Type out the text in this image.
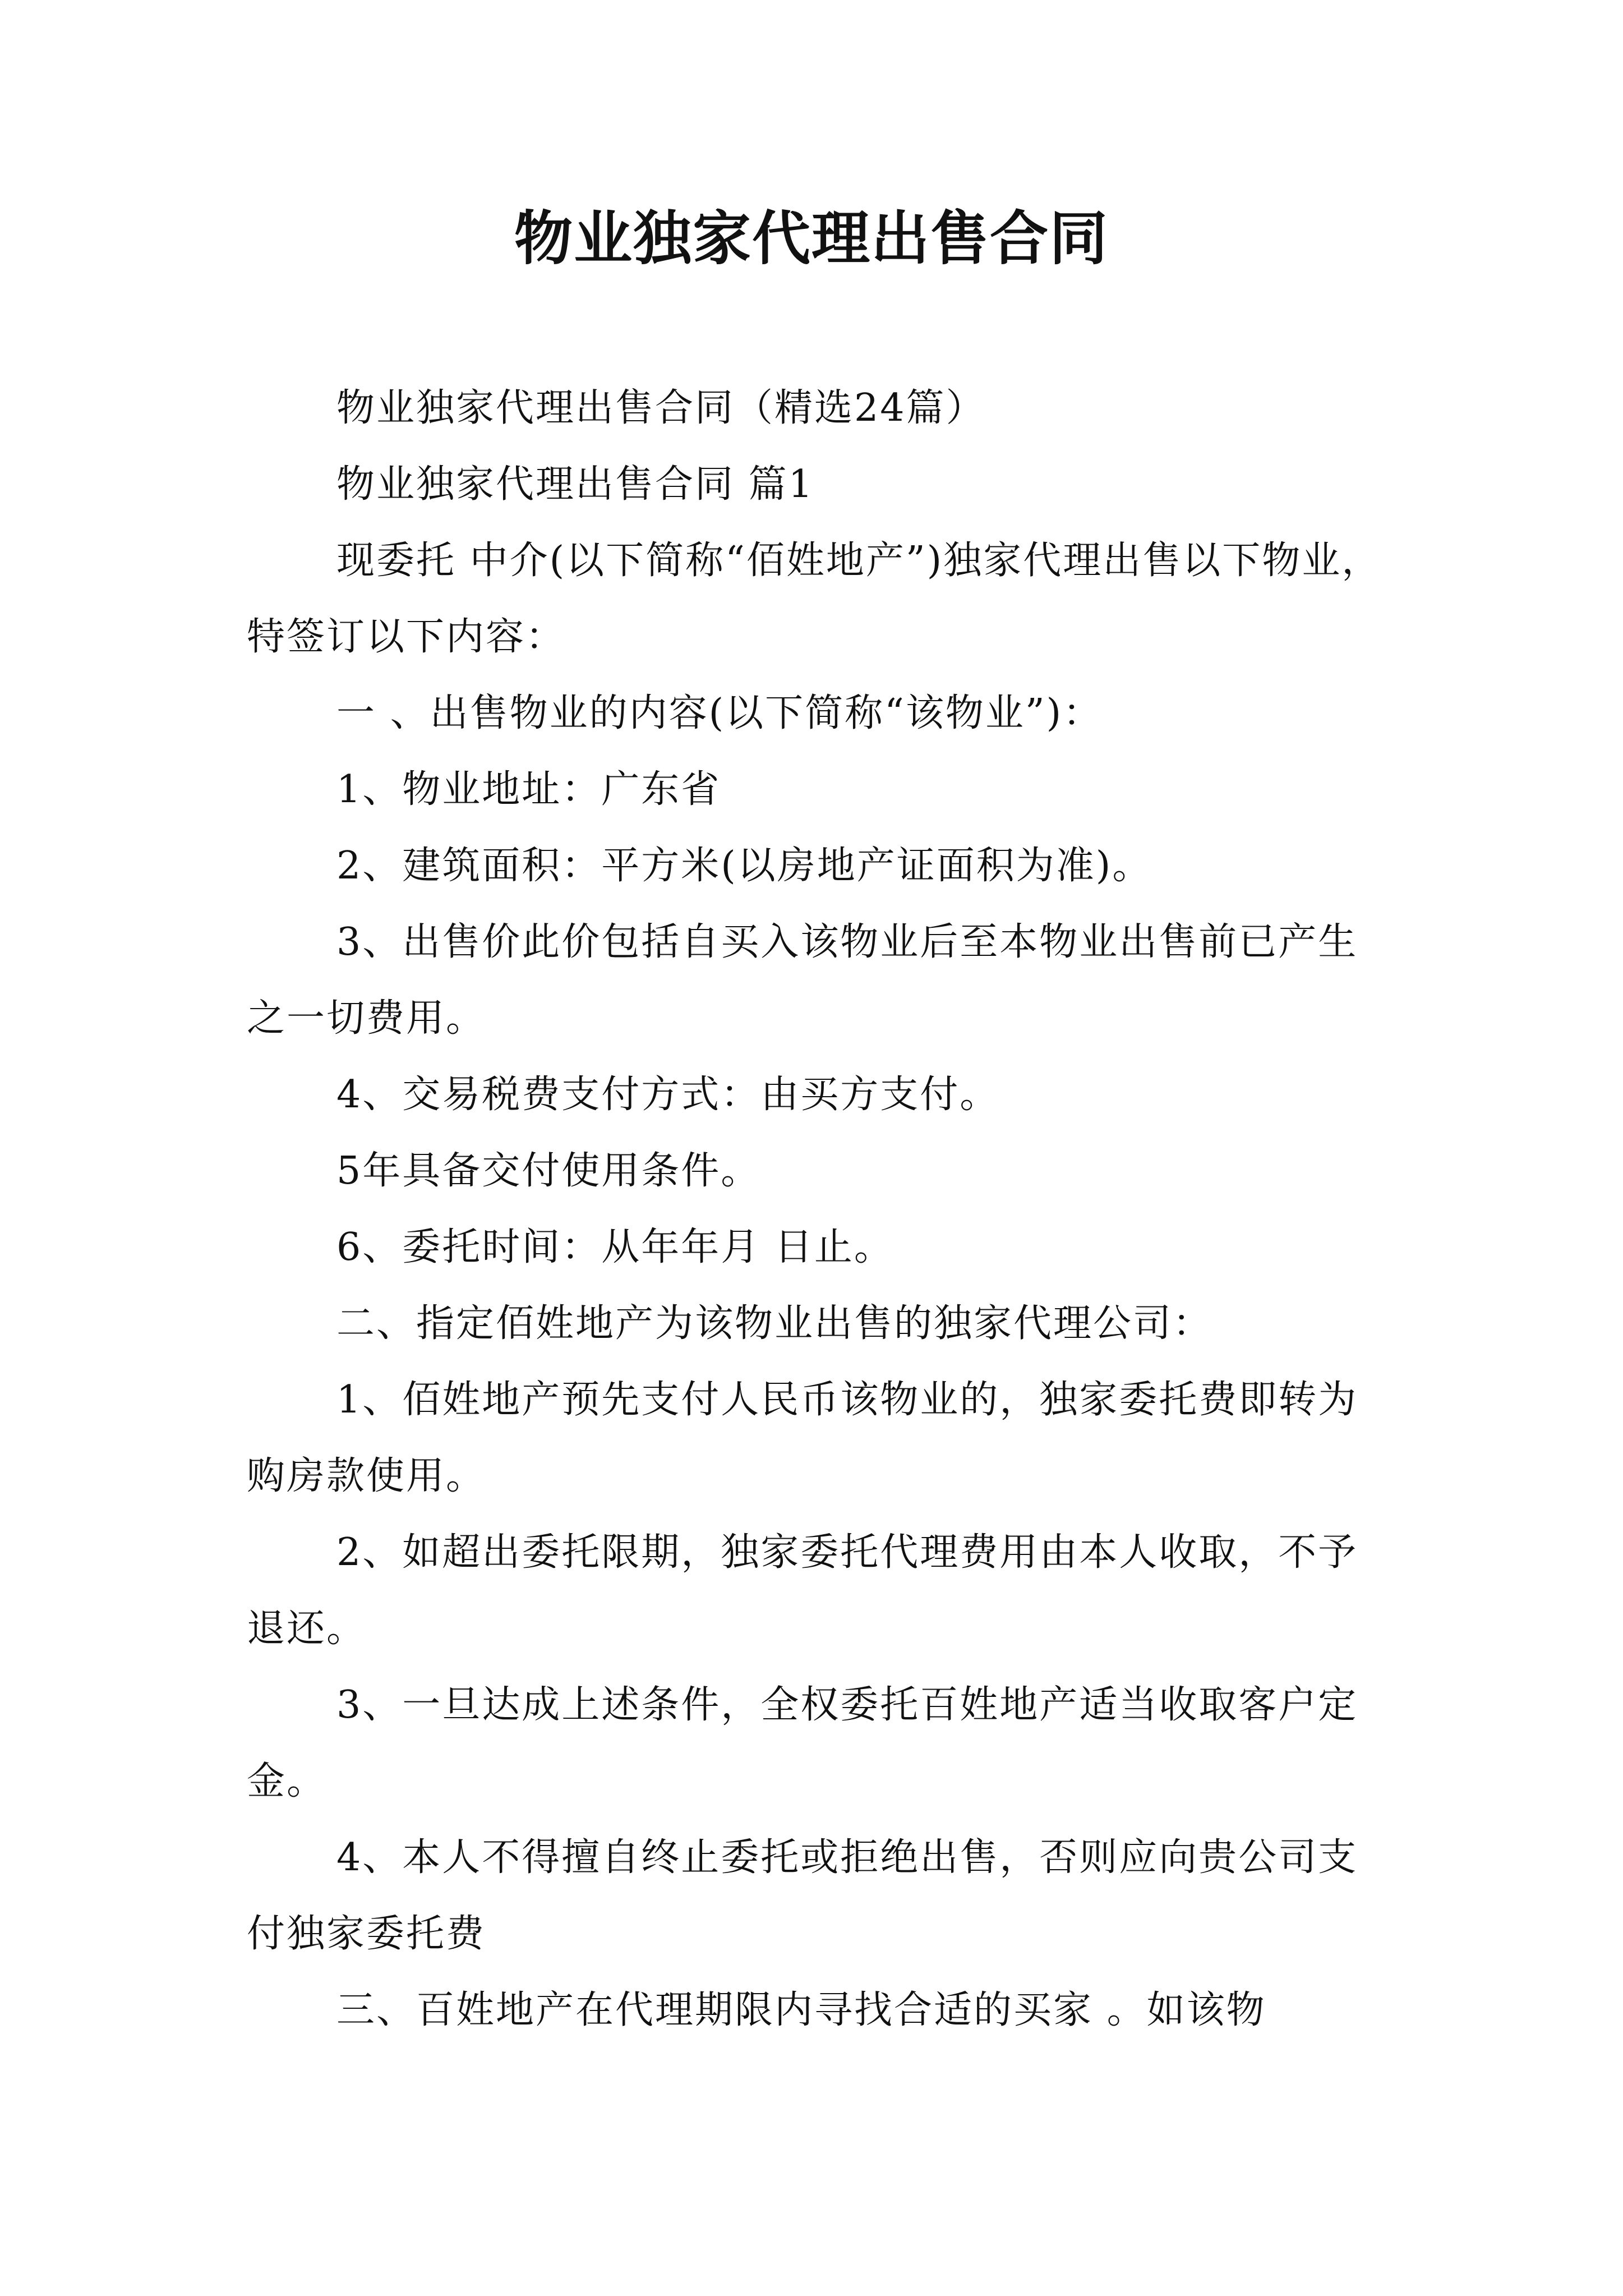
物业独家代理出售合同

物业独家代理出售合同（精选24篇）

物业独家代理出售合同 篇1

现委托 中介(以下简称“佰姓地产”)独家代理出售以下物业，特签订以下内容：

一 、出售物业的内容(以下简称“该物业”)：

1、物业地址：广东省

2、建筑面积：平方米(以房地产证面积为准)。

3、出售价此价包括自买入该物业后至本物业出售前已产生之一切费用。

4、交易税费支付方式：由买方支付。

5年具备交付使用条件。

6、委托时间：从年年月 日止。

二、指定佰姓地产为该物业出售的独家代理公司：

1、佰姓地产预先支付人民币该物业的，独家委托费即转为购房款使用。

2、如超出委托限期，独家委托代理费用由本人收取，不予退还。

3、一旦达成上述条件，全权委托百姓地产适当收取客户定金。

4、本人不得擅自终止委托或拒绝出售，否则应向贵公司支付独家委托费

三、百姓地产在代理期限内寻找合适的买家 。如该物
